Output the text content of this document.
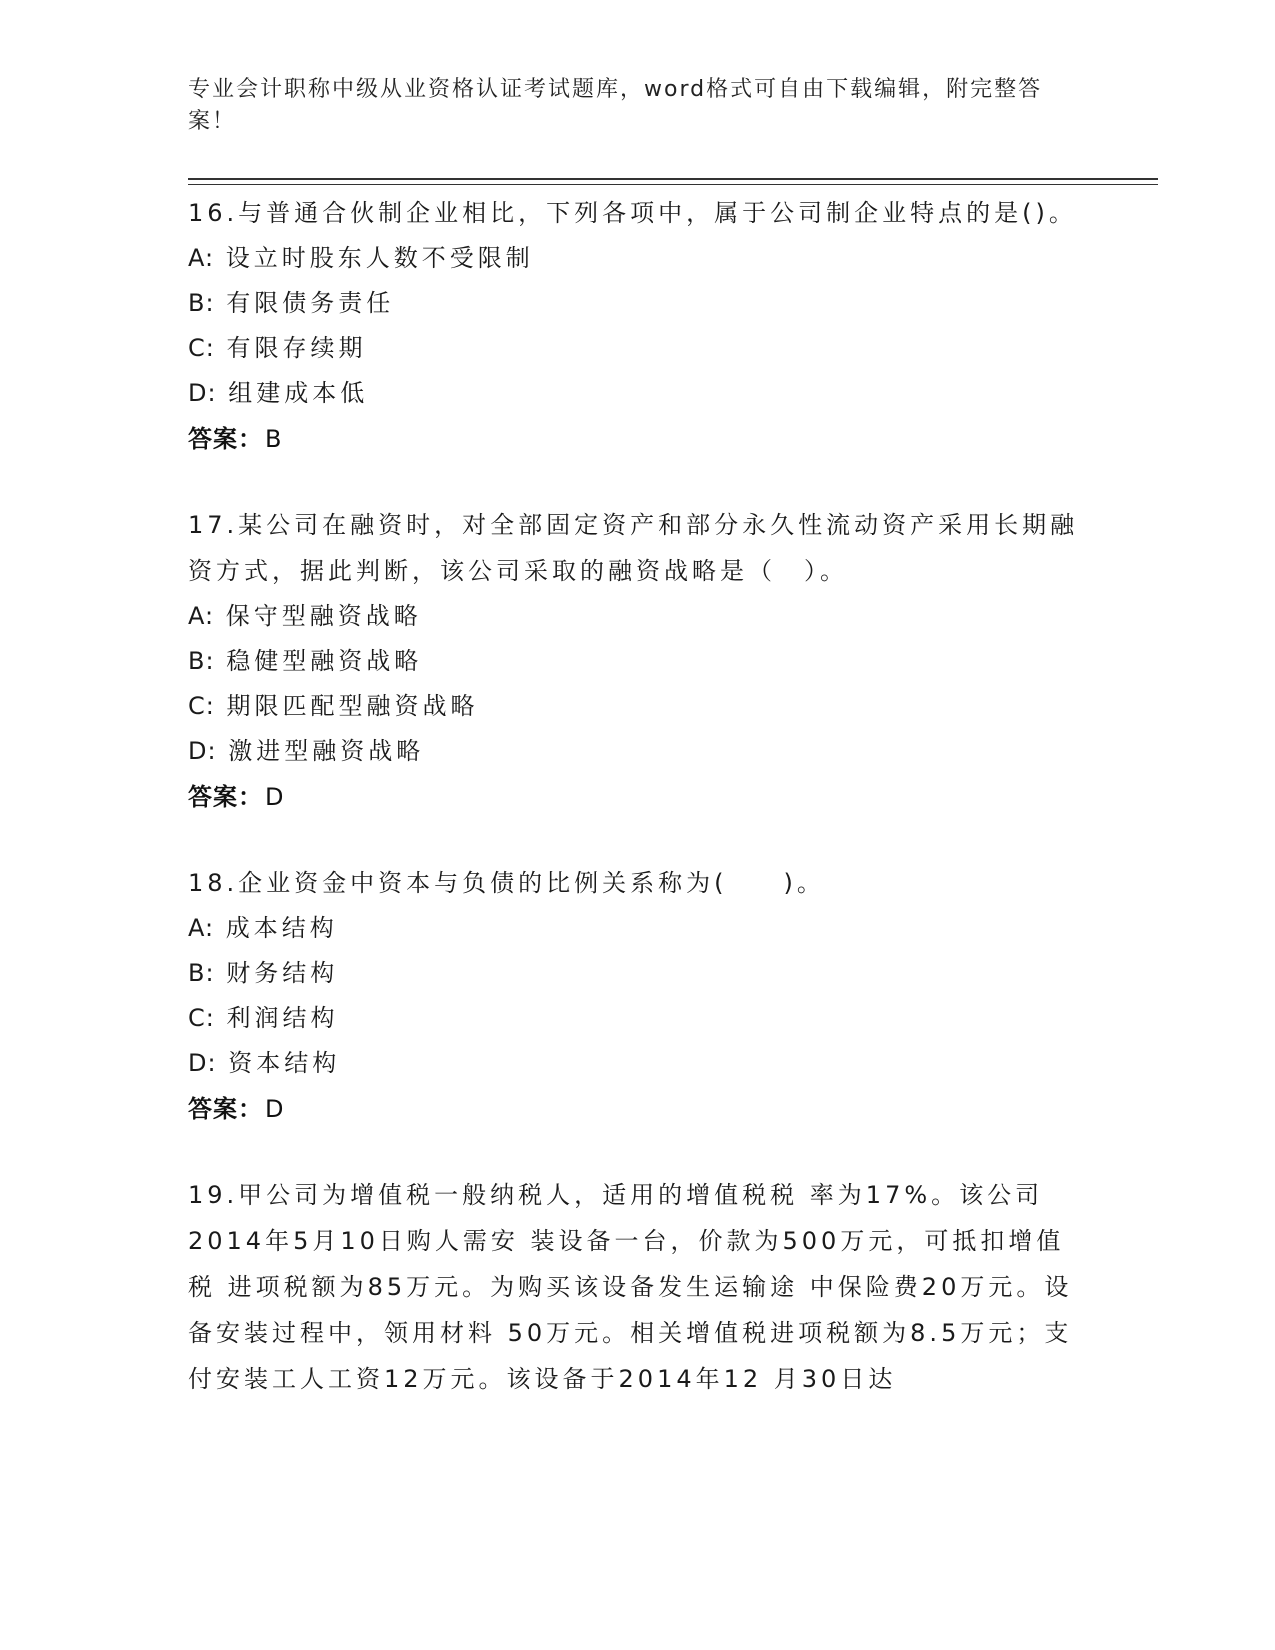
专业会计职称中级从业资格认证考试题库，word格式可自由下载编辑，附完整答案！
16.与普通合伙制企业相比，下列各项中，属于公司制企业特点的是()。
A: 设立时股东人数不受限制
B: 有限债务责任
C: 有限存续期
D: 组建成本低
答案：B
17.某公司在融资时，对全部固定资产和部分永久性流动资产采用长期融资方式，据此判断，该公司采取的融资战略是（　）。
A: 保守型融资战略
B: 稳健型融资战略
C: 期限匹配型融资战略
D: 激进型融资战略
答案：D
18.企业资金中资本与负债的比例关系称为(　　)。
A: 成本结构
B: 财务结构
C: 利润结构
D: 资本结构
答案：D
19.甲公司为增值税一般纳税人，适用的增值税税 率为17%。该公司2014年5月10日购人需安 装设备一台，价款为500万元，可抵扣增值税 进项税额为85万元。为购买该设备发生运输途 中保险费20万元。设备安装过程中，领用材料 50万元。相关增值税进项税额为8.5万元；支 付安装工人工资12万元。该设备于2014年12 月30日达
